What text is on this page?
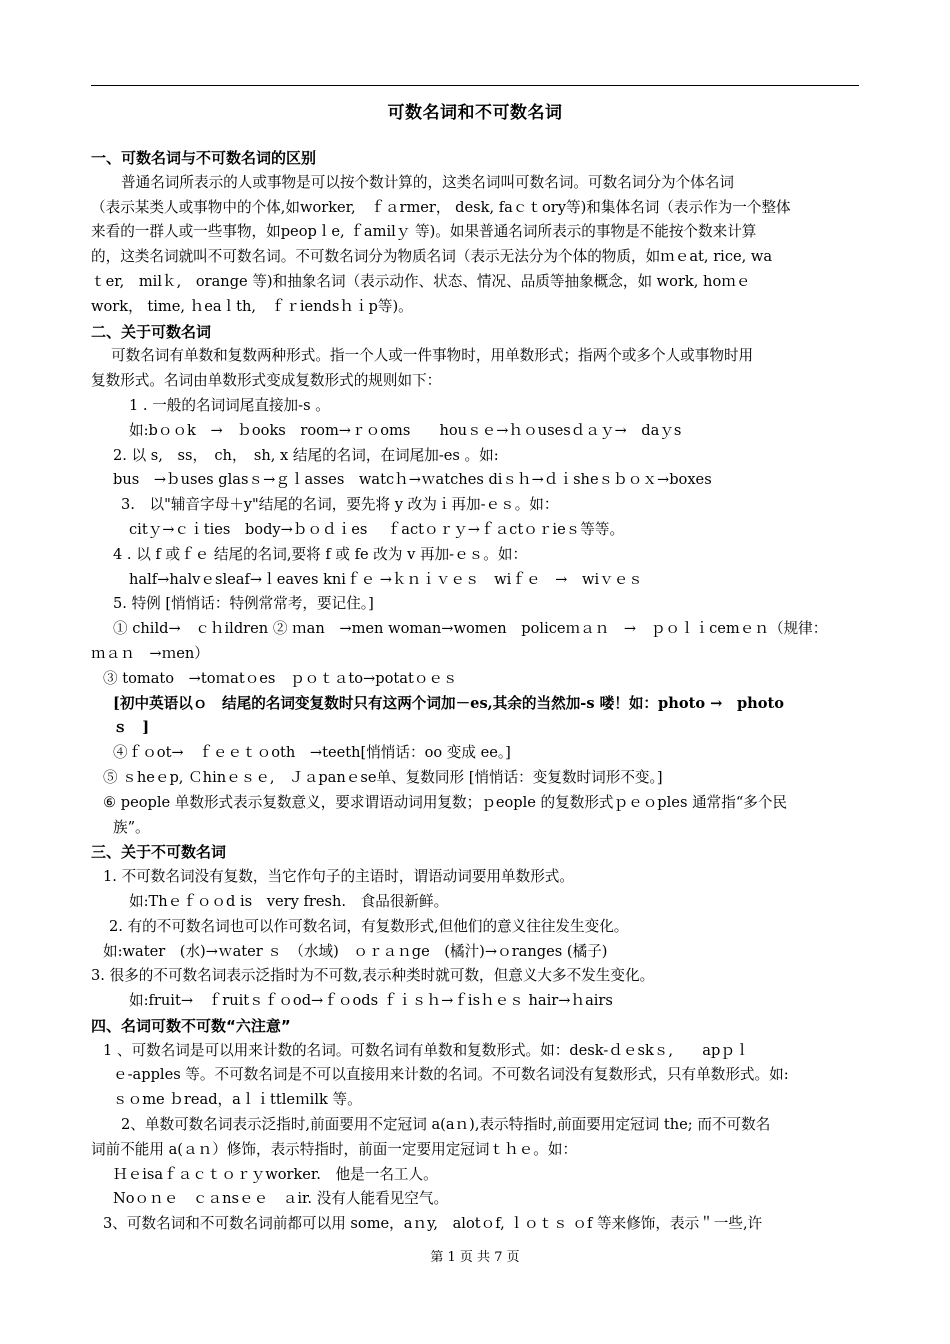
可数名词和不可数名词
一、可数名词与不可数名词的区别
普通名词所表示的人或事物是可以按个数计算的，这类名词叫可数名词。可数名词分为个体名词
（表示某类人或事物中的个体,如worker,　ｆａrmer， desk, faｃｔory等)和集体名词（表示作为一个整体
来看的一群人或一些事物，如peopｌe, ｆamilｙ 等)。如果普通名词所表示的事物是不能按个数来计算
的，这类名词就叫不可数名词。不可数名词分为物质名词（表示无法分为个体的物质，如ｍｅat, rice, wa
ｔer,　milｋ,　orange 等)和抽象名词（表示动作、状态、情况、品质等抽象概念，如 work, hoｍｅ
work， time, ｈeaｌth,　ｆｒiendsｈｉp等)。
二、关于可数名词
可数名词有单数和复数两种形式。指一个人或一件事物时，用单数形式；指两个或多个人或事物时用
复数形式。名词由单数形式变成复数形式的规则如下：
1 . 一般的名词词尾直接加-s 。
如:bｏｏk　→　ｂooks　room→ｒｏoms　　houｓｅ→ｈｏusesｄａｙ→　daｙs
2. 以 s,　ss，　ch，　sh, x 结尾的名词，在词尾加-es 。如:
bus　→ｂuses glasｓ→ｇｌasses　watcｈ→ｗatches diｓｈ→ｄｉsheｓｂｏｘ→boxes
3.　以"辅音字母＋y"结尾的名词，要先将 y 改为ｉ再加-ｅｓ。如：
citｙ→ｃｉties　body→ｂｏｄｉes　 ｆactｏｒｙ→ｆａctｏｒieｓ等等。
4 . 以 f 或ｆｅ 结尾的名词,要将 f 或 fe 改为 v 再加-ｅｓ。如：
half→halvｅsleaf→ｌeaves kniｆｅ →ｋｎｉｖｅｓ　wiｆｅ　→　wiｖｅｓ
5. 特例 [悄悄话：特例常常考，要记住。]
① child→　ｃｈildren ② ｍan　→men woman→women　policeｍａｎ　→　ｐｏｌｉcemｅｎ（规律：
ｍａｎ　→ｍen）
③ tomato　→toｍatｏes　ｐｏｔａto→potatｏｅｓ
[初中英语以ｏ　结尾的名词变复数时只有这两个词加－es,其余的当然加-s 喽！如：photo →　photo
ｓ　]
④ｆｏot→　ｆｅｅｔｏoth　→teeth[悄悄话：oo 变成 ee。]
⑤ ｓheｅp, Ｃhinｅｓｅ,　Ｊａpanｅse单、复数同形 [悄悄话：变复数时词形不变。]
⑥ people 单数形式表示复数意义，要求谓语动词用复数；ｐeople 的复数形式ｐｅｏples 通常指“多个民
族”。
三、关于不可数名词
1. 不可数名词没有复数，当它作句子的主语时，谓语动词要用单数形式。
如:Thｅｆｏｏd is　very fresh.　食品很新鲜。
2. 有的不可数名词也可以作可数名词，有复数形式,但他们的意义往往发生变化。
如:water　(水)→ｗater ｓ　（水域)　ｏｒａｎge　(橘汁)→ｏranges (橘子)
3. 很多的不可数名词表示泛指时为不可数,表示种类时就可数，但意义大多不发生变化。
如:fruit→　ｆruitｓｆｏod→ｆｏods ｆｉｓｈ→ｆisｈｅｓ hair→ｈairs
四、名词可数不可数“六注意”
1 、可数名词是可以用来计数的名词。可数名词有单数和复数形式。如：desk-ｄｅskｓ,　　apｐｌ
ｅ-apples 等。不可数名词是不可以直接用来计数的名词。不可数名词没有复数形式，只有单数形式。如:
ｓｏme ｂread，aｌｉttleｍilk 等。
2、单数可数名词表示泛指时,前面要用不定冠词 a(aｎ),表示特指时,前面要用定冠词 the; 而不可数名
词前不能用 a(ａｎ）修饰，表示特指时，前面一定要用定冠词ｔｈｅ。如：
Ｈｅisaｆａｃｔｏｒｙworker.　他是一名工人。
Noｏｎｅ　ｃａnsｅｅ　ａir. 没有人能看见空气。
3、可数名词和不可数名词前都可以用 some，aｎy,　alotｏf, ｌｏｔｓ ｏf 等来修饰，表示＂一些,许
第 1 页 共 7 页
